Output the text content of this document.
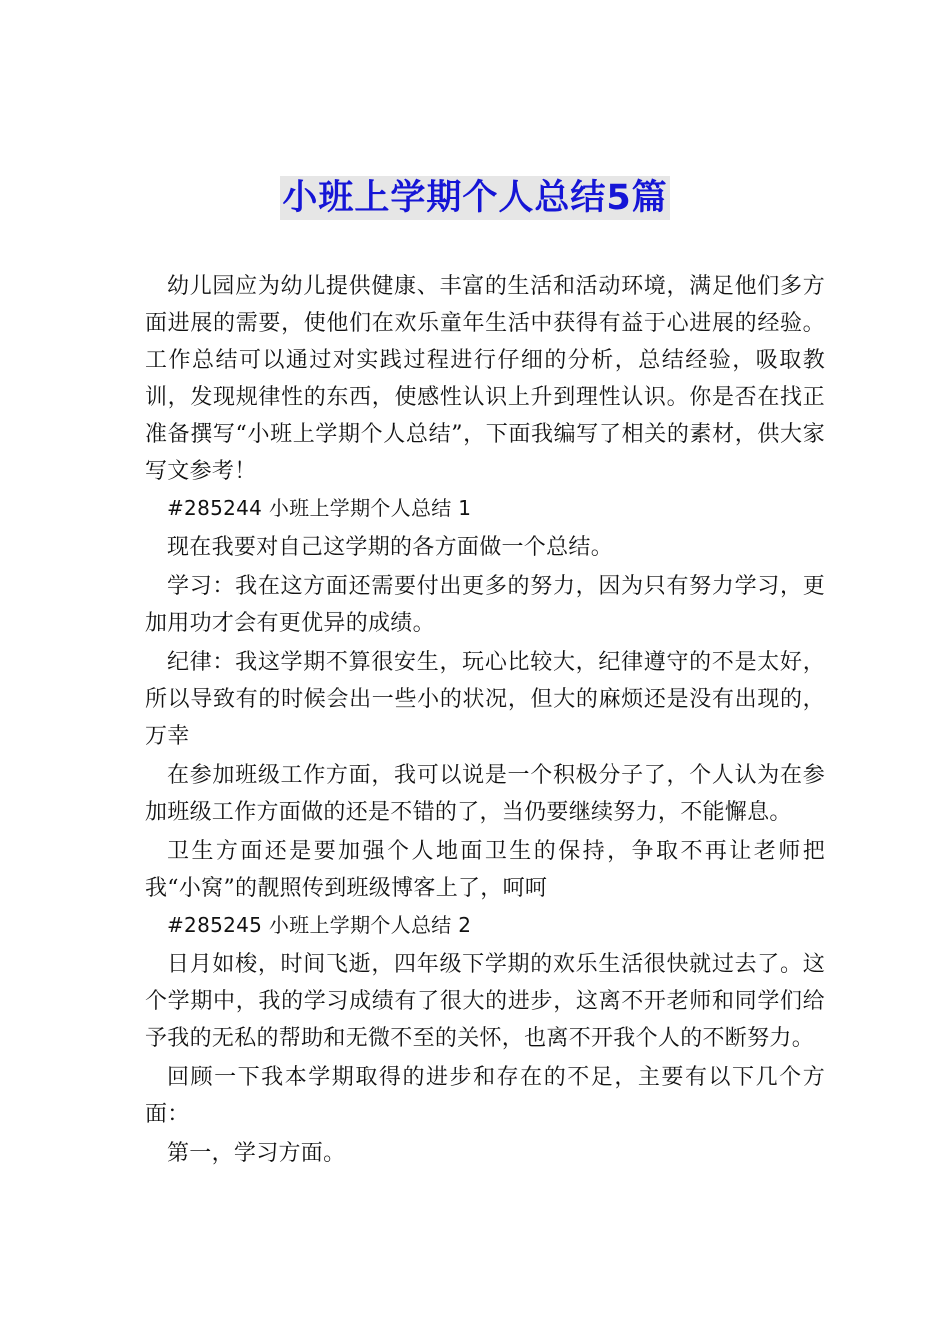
小班上学期个人总结5篇

幼儿园应为幼儿提供健康、丰富的生活和活动环境，满足他们多方面进展的需要，使他们在欢乐童年生活中获得有益于心进展的经验。工作总结可以通过对实践过程进行仔细的分析，总结经验，吸取教训，发现规律性的东西，使感性认识上升到理性认识。你是否在找正准备撰写“小班上学期个人总结”，下面我编写了相关的素材，供大家写文参考！

#285244 小班上学期个人总结 1

现在我要对自己这学期的各方面做一个总结。

学习：我在这方面还需要付出更多的努力，因为只有努力学习，更加用功才会有更优异的成绩。

纪律：我这学期不算很安生，玩心比较大，纪律遵守的不是太好，所以导致有的时候会出一些小的状况，但大的麻烦还是没有出现的，万幸

在参加班级工作方面，我可以说是一个积极分子了，个人认为在参加班级工作方面做的还是不错的了，当仍要继续努力，不能懈息。

卫生方面还是要加强个人地面卫生的保持，争取不再让老师把我“小窝”的靓照传到班级博客上了，呵呵

#285245 小班上学期个人总结 2

日月如梭，时间飞逝，四年级下学期的欢乐生活很快就过去了。这个学期中，我的学习成绩有了很大的进步，这离不开老师和同学们给予我的无私的帮助和无微不至的关怀，也离不开我个人的不断努力。

回顾一下我本学期取得的进步和存在的不足，主要有以下几个方面：

第一，学习方面。
